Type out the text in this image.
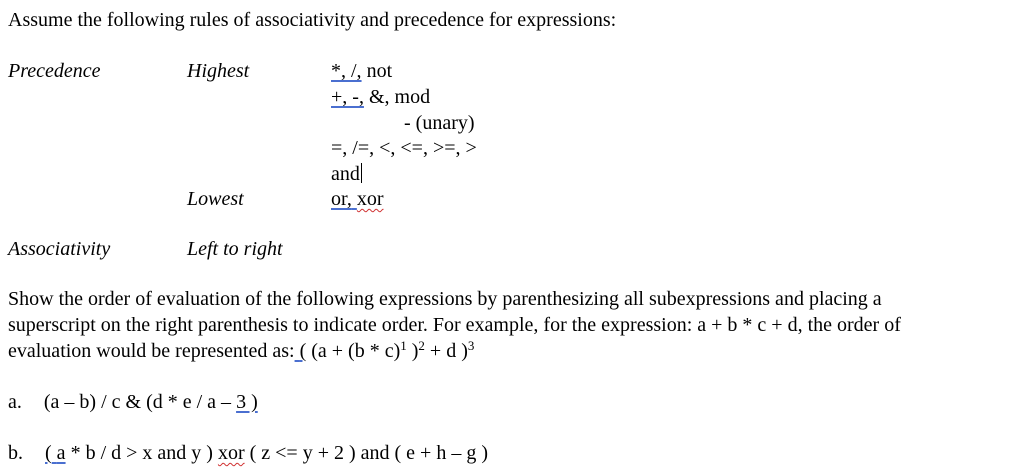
Assume the following rules of associativity and precedence for expressions:
Precedence	Highest	*, /, not
+, -, &, mod
- (unary)
=, /=, <, <=, >=, >
and
Lowest	or, xor
Associativity	Left to right
Show the order of evaluation of the following expressions by parenthesizing all subexpressions and placing a
superscript on the right parenthesis to indicate order. For example, for the expression: a + b * c + d, the order of
evaluation would be represented as: ( (a + (b * c)$^1$ )$^2$ + d )$^3$
a. (a – b) / c & (d * e / a – 3 )
b. ( a * b / d > x and y ) xor ( z <= y + 2 ) and ( e + h – g )
